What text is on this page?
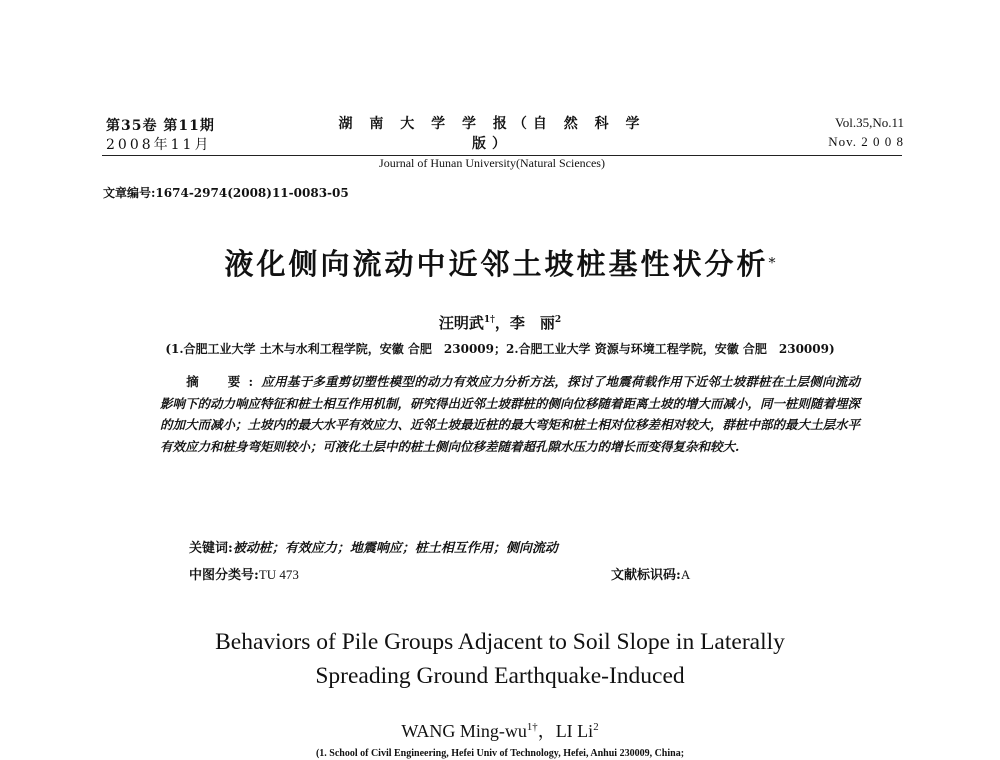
第35卷 第11期
2008年11月
湖 南 大 学 学 报（自 然 科 学 版）
Journal of Hunan University(Natural Sciences)
Vol.35,No.11
Nov. 2 0 0 8
文章编号:1674-2974(2008)11-0083-05
液化侧向流动中近邻土坡桩基性状分析*
汪明武$^{1\dagger}$，李　丽$^2$
(1.合肥工业大学 土木与水利工程学院，安徽 合肥　230009；2.合肥工业大学 资源与环境工程学院，安徽 合肥　230009)
摘　要:应用基于多重剪切塑性模型的动力有效应力分析方法，探讨了地震荷载作用下近邻土坡群桩在土层侧向流动影响下的动力响应特征和桩土相互作用机制，研究得出近邻土坡群桩的侧向位移随着距离土坡的增大而减小，同一桩则随着埋深的加大而减小；土坡内的最大水平有效应力、近邻土坡最近桩的最大弯矩和桩土相对位移差相对较大，群桩中部的最大土层水平有效应力和桩身弯矩则较小；可液化土层中的桩土侧向位移差随着超孔隙水压力的增长而变得复杂和较大.
关键词:被动桩；有效应力；地震响应；桩土相互作用；侧向流动
中图分类号:TU 473	文献标识码:A
Behaviors of Pile Groups Adjacent to Soil Slope in Laterally
Spreading Ground Earthquake-Induced
WANG Ming-$wu^{1\dagger}$，LI Li$^2$
(1. School of Civil Engineering, Hefei Univ of Technology, Hefei, Anhui 230009, China;
